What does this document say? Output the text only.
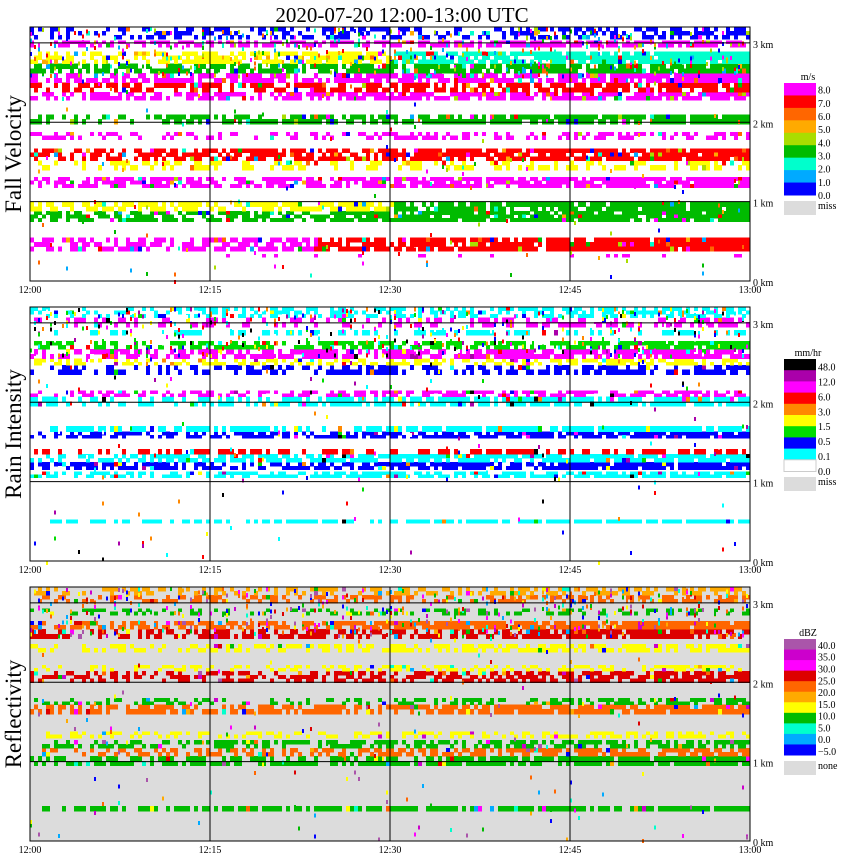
2020-07-20 12:00-13:00 UTC
12:00	12:15	12:30	12:45	13:00
0 km
1 km
2 km
3 km
Fall Velocity
m/s
8.0
7.0
6.0
5.0
4.0
3.0
2.0
1.0
0.0
miss
12:00	12:15	12:30	12:45	13:00
0 km
1 km
2 km
3 km
Rain Intensity
mm/hr
48.0
12.0
6.0
3.0
1.5
0.5
0.1
0.0
miss
12:00	12:15	12:30	12:45	13:00
0 km
1 km
2 km
3 km
Reflectivity
dBZ
40.0
35.0
30.0
25.0
20.0
15.0
10.0
5.0
0.0
−5.0
none
